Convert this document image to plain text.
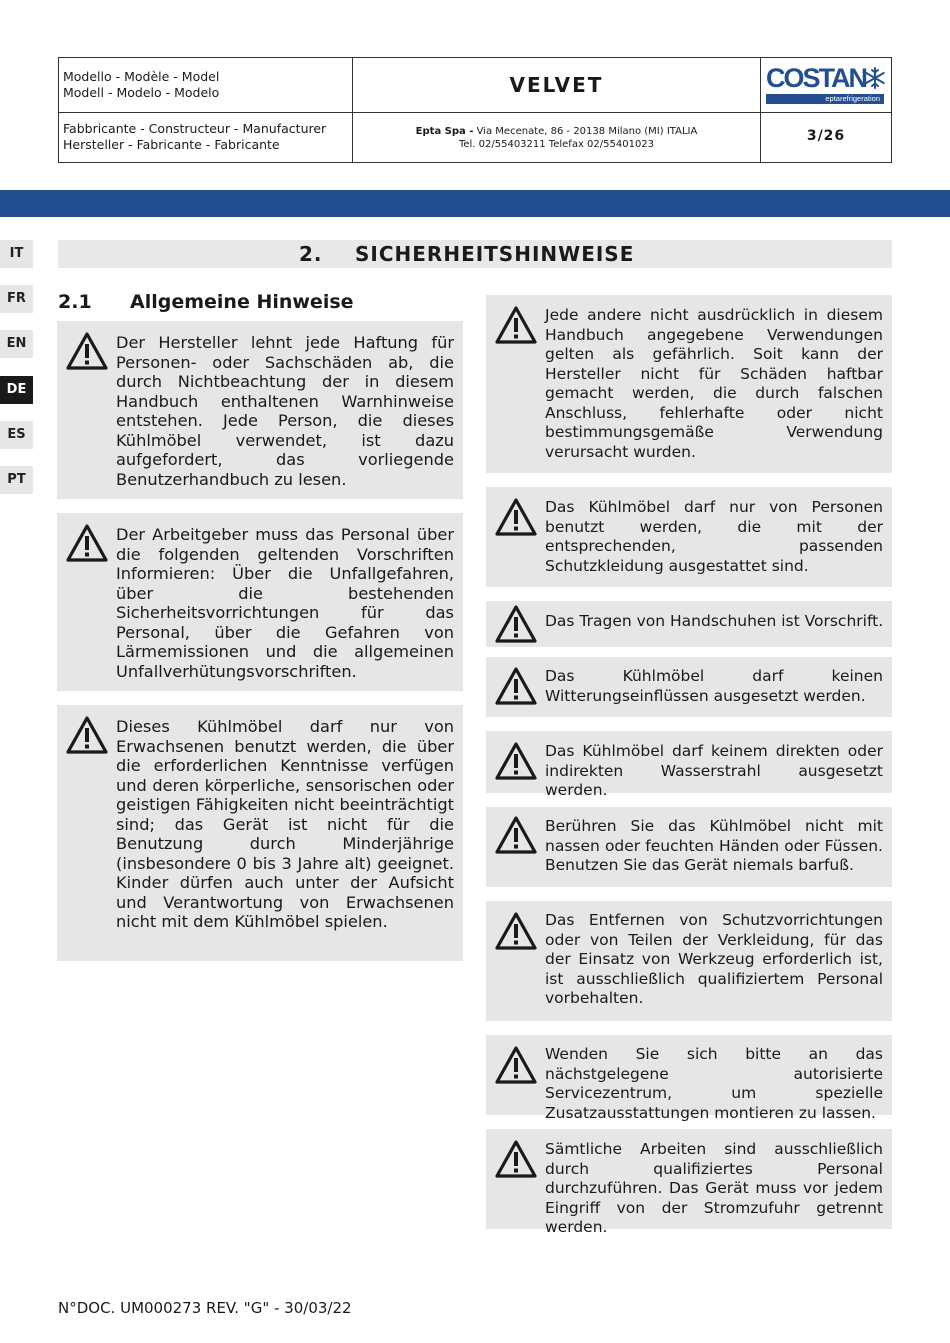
Modello - Modèle - Model
Modell - Modelo - Modelo	VELVET	COSTAN
eptarefrigeration
Fabbricante - Constructeur - Manufacturer
Hersteller - Fabricante - Fabricante
Epta Spa - Via Mecenate, 86 - 20138 Milano (MI) ITALIA
Tel. 02/55403211 Telefax 02/55401023
3/26
IT
FR
EN
DE
ES
PT
2. SICHERHEITSHINWEISE
2.1 Allgemeine Hinweise
Der Hersteller lehnt jede Haftung für Personen- oder Sachschäden ab, die durch Nichtbeachtung der in diesem Handbuch enthaltenen Warnhinweise entstehen. Jede Person, die dieses Kühlmöbel verwendet, ist dazu aufgefordert, das vorliegende Benutzerhandbuch zu lesen.
Der Arbeitgeber muss das Personal über die folgenden geltenden Vorschriften Informieren: Über die Unfallgefahren, über die bestehenden Sicherheitsvorrichtungen für das Personal, über die Gefahren von Lärmemissionen und die allgemeinen Unfallverhütungsvorschriften.
Dieses Kühlmöbel darf nur von Erwachsenen benutzt werden, die über die erforderlichen Kenntnisse verfügen und deren körperliche, sensorischen oder geistigen Fähigkeiten nicht beeinträchtigt sind; das Gerät ist nicht für die Benutzung durch Minderjährige (insbesondere 0 bis 3 Jahre alt) geeignet. Kinder dürfen auch unter der Aufsicht und Verantwortung von Erwachsenen nicht mit dem Kühlmöbel spielen.
Jede andere nicht ausdrücklich in diesem Handbuch angegebene Verwendungen gelten als gefährlich. Soit kann der Hersteller nicht für Schäden haftbar gemacht werden, die durch falschen Anschluss, fehlerhafte oder nicht bestimmungsgemäße Verwendung verursacht wurden.
Das Kühlmöbel darf nur von Personen benutzt werden, die mit der entsprechenden, passenden Schutzkleidung ausgestattet sind.
Das Tragen von Handschuhen ist Vorschrift.
Das Kühlmöbel darf keinen Witterungseinflüssen ausgesetzt werden.
Das Kühlmöbel darf keinem direkten oder indirekten Wasserstrahl ausgesetzt werden.
Berühren Sie das Kühlmöbel nicht mit nassen oder feuchten Händen oder Füssen. Benutzen Sie das Gerät niemals barfuß.
Das Entfernen von Schutzvorrichtungen oder von Teilen der Verkleidung, für das der Einsatz von Werkzeug erforderlich ist, ist ausschließlich qualifiziertem Personal vorbehalten.
Wenden Sie sich bitte an das nächstgelegene autorisierte Servicezentrum, um spezielle Zusatzausstattungen montieren zu lassen.
Sämtliche Arbeiten sind ausschließlich durch qualifiziertes Personal durchzuführen. Das Gerät muss vor jedem Eingriff von der Stromzufuhr getrennt werden.
N°DOC. UM000273 REV. "G" - 30/03/22
